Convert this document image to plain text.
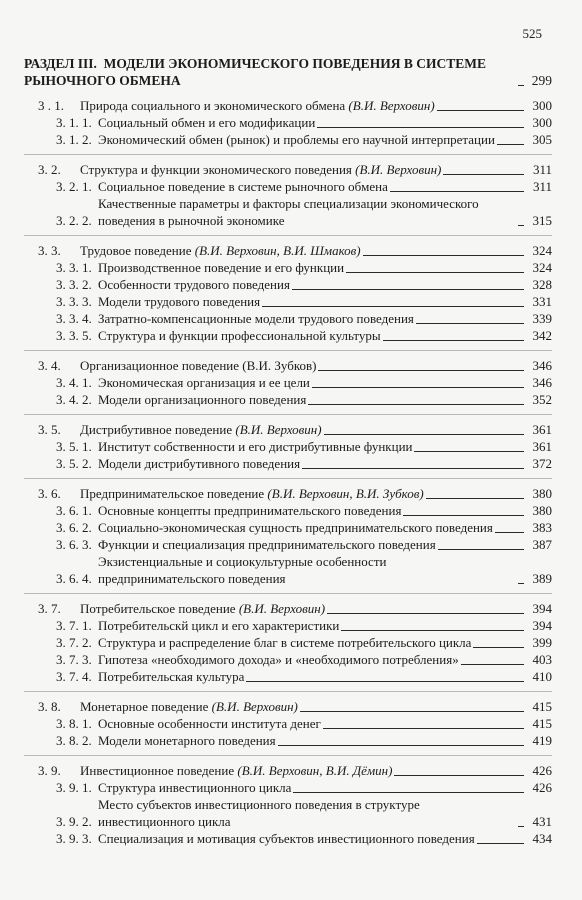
525
РАЗДЕЛ III. МОДЕЛИ ЭКОНОМИЧЕСКОГО ПОВЕДЕНИЯ В СИСТЕМЕ РЫНОЧНОГО ОБМЕНА	299
3 . 1.	Природа социального и экономического обмена (В.И. Верховин)	300
3. 1. 1. Социальный обмен и его модификации	300
3. 1. 2. Экономический обмен (рынок) и проблемы его научной интерпретации	305
3. 2.	Структура и функции экономического поведения (В.И. Верховин)	311
3. 2. 1. Социальное поведение в системе рыночного обмена	311
3. 2. 2.
Качественные параметры и факторы специализации экономического поведения в рыночной экономике	315
3. 3.	Трудовое поведение (В.И. Верховин, В.И. Шмаков)	324
3. 3. 1. Производственное поведение и его функции	324
3. 3. 2. Особенности трудового поведения	328
3. 3. 3. Модели трудового поведения	331
3. 3. 4. Затратно-компенсационные модели трудового поведения	339
3. 3. 5. Структура и функции профессиональной культуры	342
3. 4.	Организационное поведение (В.И. Зубков)	346
3. 4. 1. Экономическая организация и ее цели	346
3. 4. 2. Модели организационного поведения	352
3. 5.	Дистрибутивное поведение (В.И. Верховин)	361
3. 5. 1. Институт собственности и его дистрибутивные функции	361
3. 5. 2. Модели дистрибутивного поведения	372
3. 6.	Предпринимательское поведение (В.И. Верховин, В.И. Зубков)	380
3. 6. 1. Основные концепты предпринимательского поведения	380
3. 6. 2. Социально-экономическая сущность предпринимательского поведения	383
3. 6. 3. Функции и специализация предпринимательского поведения	387
3. 6. 4.
Экзистенциальные и социокультурные особенности предпринимательского поведения	389
3. 7.	Потребительское поведение (В.И. Верховин)	394
3. 7. 1. Потребительскй цикл и его характеристики	394
3. 7. 2. Структура и распределение благ в системе потребительского цикла	399
3. 7. 3. Гипотеза «необходимого дохода» и «необходимого потребления»	403
3. 7. 4. Потребительская культура	410
3. 8.	Монетарное поведение (В.И. Верховин)	415
3. 8. 1. Основные особенности института денег	415
3. 8. 2. Модели монетарного поведения	419
3. 9.	Инвестиционное поведение (В.И. Верховин, В.И. Дёмин)	426
3. 9. 1. Структура инвестиционного цикла	426
3. 9. 2.
Место субъектов инвестиционного поведения в структуре инвестиционного цикла	431
3. 9. 3. Специализация и мотивация субъектов инвестиционного поведения	434
